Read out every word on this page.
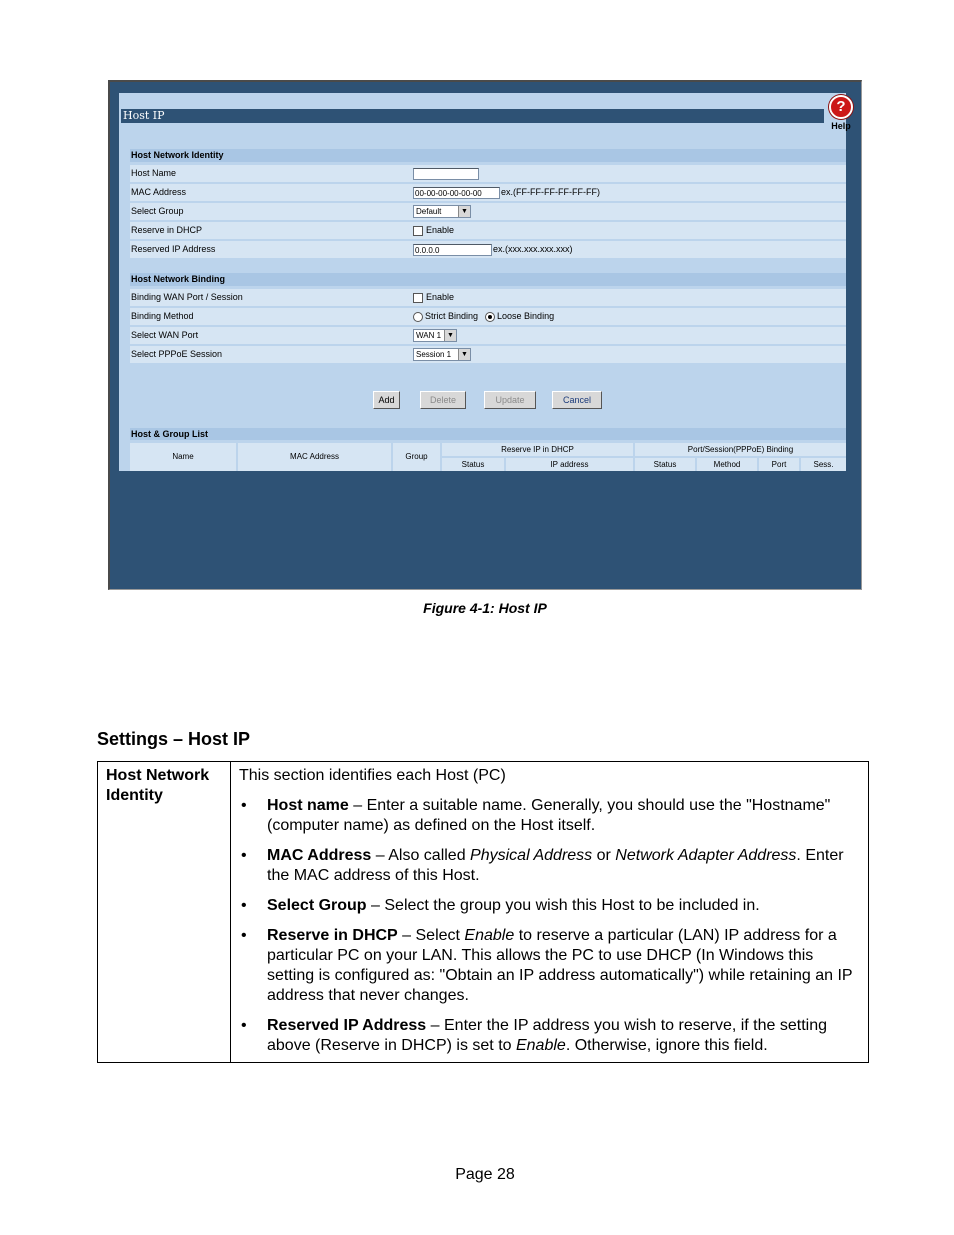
Host IP
?
Help
Host Network Identity
Host Name
MAC Address	00-00-00-00-00-00	ex.(FF-FF-FF-FF-FF-FF)
Select Group	Default	▼
Reserve in DHCP	Enable
Reserved IP Address	0.0.0.0	ex.(xxx.xxx.xxx.xxx)
Host Network Binding
Binding WAN Port / Session	Enable
Binding Method	Strict Binding Loose Binding
Select WAN Port	WAN 1 ▼
Select PPPoE Session	Session 1	▼
Add	Delete	Update	Cancel
Host & Group List
Name	MAC Address	Group
Reserve IP in DHCP	Port/Session(PPPoE) Binding
Status	IP address	Status	Method	Port	Sess.
Figure 4-1: Host IP
Settings – Host IP
Host Network Identity	

This section identifies each Host (PC)

• Host name – Enter a suitable name. Generally, you should use the "Hostname" (computer name) as defined on the Host itself.
• MAC Address – Also called Physical Address or Network Adapter Address. Enter the MAC address of this Host.
• Select Group – Select the group you wish this Host to be included in.
• Reserve in DHCP – Select Enable to reserve a particular (LAN) IP address for a particular PC on your LAN. This allows the PC to use DHCP (In Windows this setting is configured as: "Obtain an IP address automatically") while retaining an IP address that never changes.
• Reserved IP Address – Enter the IP address you wish to reserve, if the setting above (Reserve in DHCP) is set to Enable. Otherwise, ignore this field.
Page 28
